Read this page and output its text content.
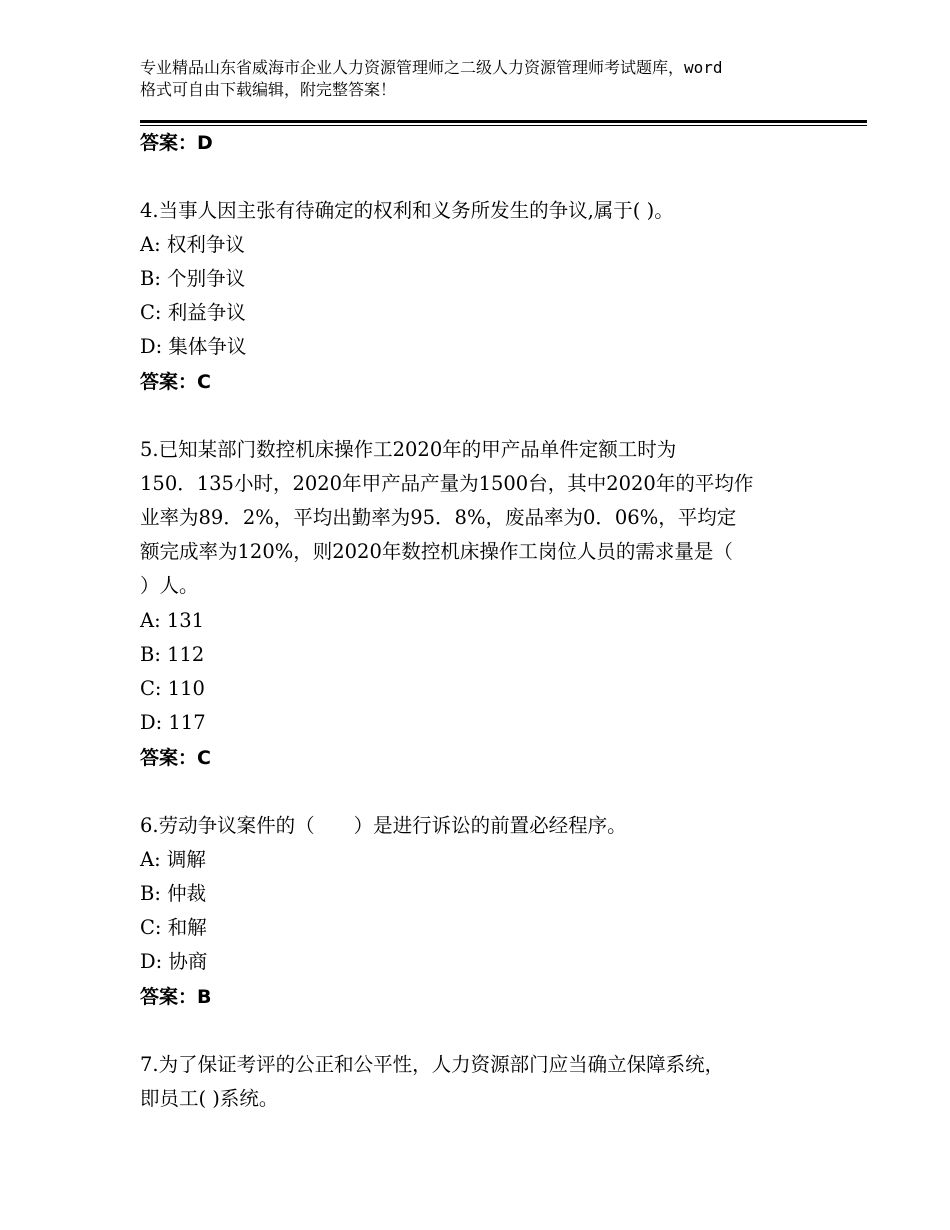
专业精品山东省威海市企业人力资源管理师之二级人力资源管理师考试题库，word
格式可自由下载编辑，附完整答案！
答案：D
4.当事人因主张有待确定的权利和义务所发生的争议,属于( )。
A: 权利争议
B: 个别争议
C: 利益争议
D: 集体争议
答案：C
5.已知某部门数控机床操作工2020年的甲产品单件定额工时为
150．135小时，2020年甲产品产量为1500台，其中2020年的平均作
业率为89．2%，平均出勤率为95．8%，废品率为0．06%，平均定
额完成率为120%，则2020年数控机床操作工岗位人员的需求量是（
）人。
A: 131
B: 112
C: 110
D: 117
答案：C
6.劳动争议案件的（　　）是进行诉讼的前置必经程序。
A: 调解
B: 仲裁
C: 和解
D: 协商
答案：B
7.为了保证考评的公正和公平性，人力资源部门应当确立保障系统，
即员工( )系统。
